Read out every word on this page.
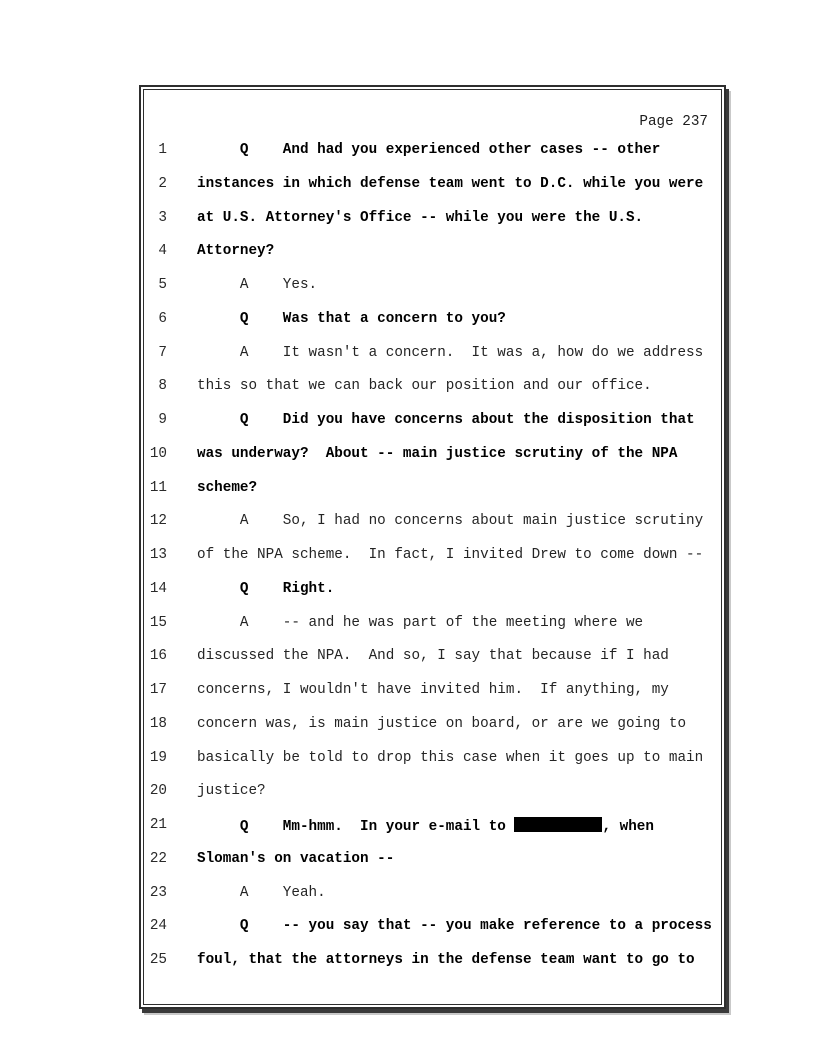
Page 237
1	Q    And had you experienced other cases -- other
2	instances in which defense team went to D.C. while you were
3	at U.S. Attorney's Office -- while you were the U.S.
4	Attorney?
5	A    Yes.
6	Q    Was that a concern to you?
7	A    It wasn't a concern.  It was a, how do we address
8	this so that we can back our position and our office.
9	Q    Did you have concerns about the disposition that
10	was underway?  About -- main justice scrutiny of the NPA
11	scheme?
12	A    So, I had no concerns about main justice scrutiny
13	of the NPA scheme.  In fact, I invited Drew to come down --
14	Q    Right.
15	A    -- and he was part of the meeting where we
16	discussed the NPA.  And so, I say that because if I had
17	concerns, I wouldn't have invited him.  If anything, my
18	concern was, is main justice on board, or are we going to
19	basically be told to drop this case when it goes up to main
20	justice?
21	Q    Mm-hmm.  In your e-mail to	, when
22	Sloman's on vacation --
23	A    Yeah.
24	Q    -- you say that -- you make reference to a process
25	foul, that the attorneys in the defense team want to go to
